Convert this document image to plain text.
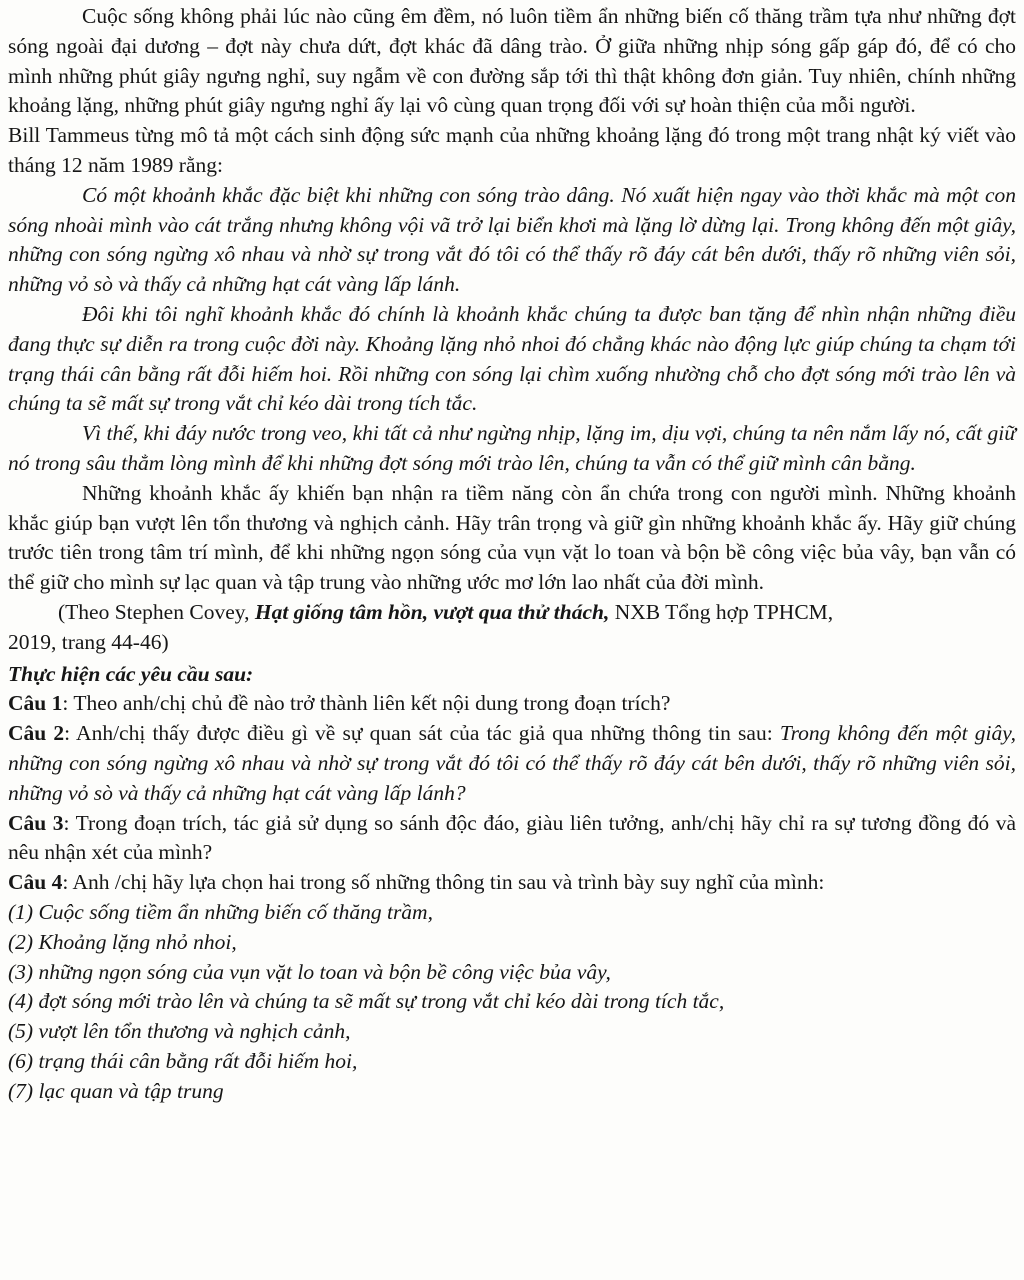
Cuộc sống không phải lúc nào cũng êm đềm, nó luôn tiềm ẩn những biến cố thăng trầm tựa như những đợt sóng ngoài đại dương – đợt này chưa dứt, đợt khác đã dâng trào. Ở giữa những nhịp sóng gấp gáp đó, để có cho mình những phút giây ngưng nghỉ, suy ngẫm về con đường sắp tới thì thật không đơn giản. Tuy nhiên, chính những khoảng lặng, những phút giây ngưng nghỉ ấy lại vô cùng quan trọng đối với sự hoàn thiện của mỗi người.

Bill Tammeus từng mô tả một cách sinh động sức mạnh của những khoảng lặng đó trong một trang nhật ký viết vào tháng 12 năm 1989 rằng:

Có một khoảnh khắc đặc biệt khi những con sóng trào dâng. Nó xuất hiện ngay vào thời khắc mà một con sóng nhoài mình vào cát trắng nhưng không vội vã trở lại biển khơi mà lặng lờ dừng lại. Trong không đến một giây, những con sóng ngừng xô nhau và nhờ sự trong vắt đó tôi có thể thấy rõ đáy cát bên dưới, thấy rõ những viên sỏi, những vỏ sò và thấy cả những hạt cát vàng lấp lánh.

Đôi khi tôi nghĩ khoảnh khắc đó chính là khoảnh khắc chúng ta được ban tặng để nhìn nhận những điều đang thực sự diễn ra trong cuộc đời này. Khoảng lặng nhỏ nhoi đó chẳng khác nào động lực giúp chúng ta chạm tới trạng thái cân bằng rất đỗi hiếm hoi. Rồi những con sóng lại chìm xuống nhường chỗ cho đợt sóng mới trào lên và chúng ta sẽ mất sự trong vắt chỉ kéo dài trong tích tắc.

Vì thế, khi đáy nước trong veo, khi tất cả như ngừng nhịp, lặng im, dịu vợi, chúng ta nên nắm lấy nó, cất giữ nó trong sâu thẳm lòng mình để khi những đợt sóng mới trào lên, chúng ta vẫn có thể giữ mình cân bằng.

Những khoảnh khắc ấy khiến bạn nhận ra tiềm năng còn ẩn chứa trong con người mình. Những khoảnh khắc giúp bạn vượt lên tổn thương và nghịch cảnh. Hãy trân trọng và giữ gìn những khoảnh khắc ấy. Hãy giữ chúng trước tiên trong tâm trí mình, để khi những ngọn sóng của vụn vặt lo toan và bộn bề công việc bủa vây, bạn vẫn có thể giữ cho mình sự lạc quan và tập trung vào những ước mơ lớn lao nhất của đời mình.

(Theo Stephen Covey, Hạt giống tâm hồn, vượt qua thử thách, NXB Tổng hợp TPHCM,

2019, trang 44-46)

Thực hiện các yêu cầu sau:

Câu 1: Theo anh/chị chủ đề nào trở thành liên kết nội dung trong đoạn trích?

Câu 2: Anh/chị thấy được điều gì về sự quan sát của tác giả qua những thông tin sau: Trong không đến một giây, những con sóng ngừng xô nhau và nhờ sự trong vắt đó tôi có thể thấy rõ đáy cát bên dưới, thấy rõ những viên sỏi, những vỏ sò và thấy cả những hạt cát vàng lấp lánh?

Câu 3: Trong đoạn trích, tác giả sử dụng so sánh độc đáo, giàu liên tưởng, anh/chị hãy chỉ ra sự tương đồng đó và nêu nhận xét của mình?

Câu 4: Anh /chị hãy lựa chọn hai trong số những thông tin sau và trình bày suy nghĩ của mình:

(1) Cuộc sống tiềm ẩn những biến cố thăng trầm,

(2) Khoảng lặng nhỏ nhoi,

(3) những ngọn sóng của vụn vặt lo toan và bộn bề công việc bủa vây,

(4) đợt sóng mới trào lên và chúng ta sẽ mất sự trong vắt chỉ kéo dài trong tích tắc,

(5) vượt lên tổn thương và nghịch cảnh,

(6) trạng thái cân bằng rất đỗi hiếm hoi,

(7) lạc quan và tập trung
